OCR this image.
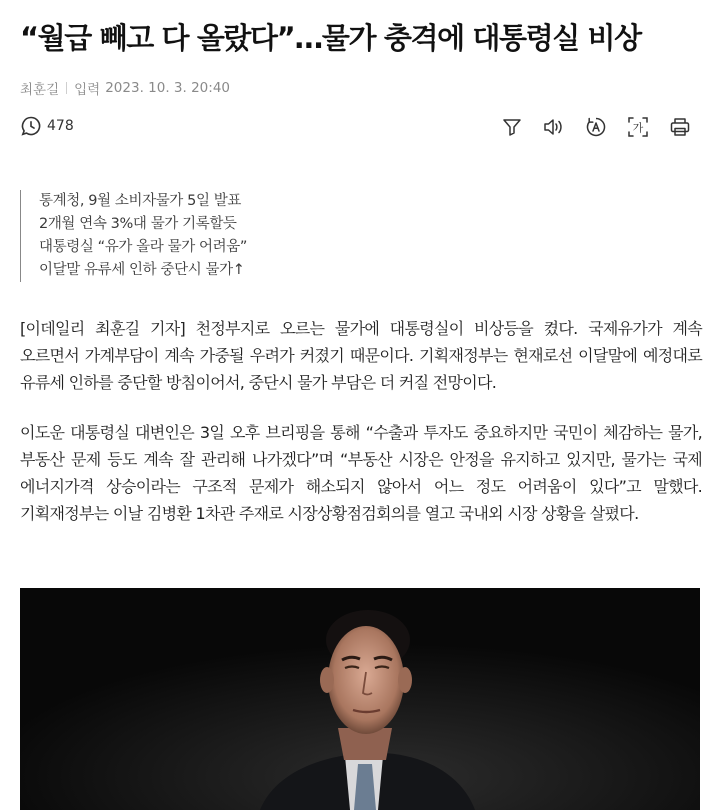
“월급 빼고 다 올랐다”…물가 충격에 대통령실 비상
최훈길 입력 2023. 10. 3. 20:40
478	가
통계청, 9월 소비자물가 5일 발표
2개월 연속 3%대 물가 기록할듯
대통령실 “유가 올라 물가 어려움”
이달말 유류세 인하 중단시 물가↑

[이데일리 최훈길 기자] 천정부지로 오르는 물가에 대통령실이 비상등을 켰다. 국제유가가 계속 오르면서 가계부담이 계속 가중될 우려가 커졌기 때문이다. 기획재정부는 현재로선 이달말에 예정대로 유류세 인하를 중단할 방침이어서, 중단시 물가 부담은 더 커질 전망이다.

이도운 대통령실 대변인은 3일 오후 브리핑을 통해 “수출과 투자도 중요하지만 국민이 체감하는 물가, 부동산 문제 등도 계속 잘 관리해 나가겠다”며 “부동산 시장은 안정을 유지하고 있지만, 물가는 국제 에너지가격 상승이라는 구조적 문제가 해소되지 않아서 어느 정도 어려움이 있다”고 말했다. 기획재정부는 이날 김병환 1차관 주재로 시장상황점검회의를 열고 국내외 시장 상황을 살폈다.
